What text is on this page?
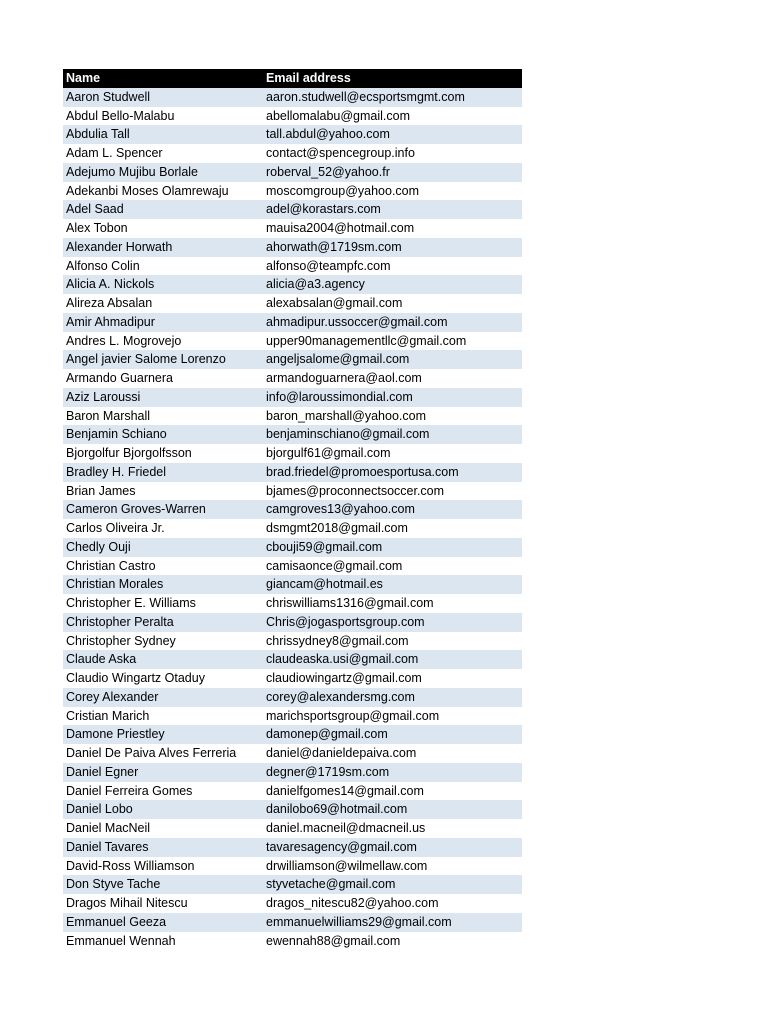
Name	Email address
Aaron Studwell	aaron.studwell@ecsportsmgmt.com
Abdul Bello-Malabu	abellomalabu@gmail.com
Abdulia Tall	tall.abdul@yahoo.com
Adam L. Spencer	contact@spencegroup.info
Adejumo Mujibu Borlale	roberval_52@yahoo.fr
Adekanbi Moses Olamrewaju	moscomgroup@yahoo.com
Adel Saad	adel@korastars.com
Alex Tobon	mauisa2004@hotmail.com
Alexander Horwath	ahorwath@1719sm.com
Alfonso Colin	alfonso@teampfc.com
Alicia A. Nickols	alicia@a3.agency
Alireza Absalan	alexabsalan@gmail.com
Amir Ahmadipur	ahmadipur.ussoccer@gmail.com
Andres L. Mogrovejo	upper90managementllc@gmail.com
Angel javier Salome Lorenzo	angeljsalome@gmail.com
Armando Guarnera	armandoguarnera@aol.com
Aziz Laroussi	info@laroussimondial.com
Baron Marshall	baron_marshall@yahoo.com
Benjamin Schiano	benjaminschiano@gmail.com
Bjorgolfur Bjorgolfsson	bjorgulf61@gmail.com
Bradley H. Friedel	brad.friedel@promoesportusa.com
Brian James	bjames@proconnectsoccer.com
Cameron Groves-Warren	camgroves13@yahoo.com
Carlos Oliveira Jr.	dsmgmt2018@gmail.com
Chedly Ouji	cbouji59@gmail.com
Christian Castro	camisaonce@gmail.com
Christian Morales	giancam@hotmail.es
Christopher E. Williams	chriswilliams1316@gmail.com
Christopher Peralta	Chris@jogasportsgroup.com
Christopher Sydney	chrissydney8@gmail.com
Claude Aska	claudeaska.usi@gmail.com
Claudio Wingartz Otaduy	claudiowingartz@gmail.com
Corey Alexander	corey@alexandersmg.com
Cristian Marich	marichsportsgroup@gmail.com
Damone Priestley	damonep@gmail.com
Daniel De Paiva Alves Ferreria	daniel@danieldepaiva.com
Daniel Egner	degner@1719sm.com
Daniel Ferreira Gomes	danielfgomes14@gmail.com
Daniel Lobo	danilobo69@hotmail.com
Daniel MacNeil	daniel.macneil@dmacneil.us
Daniel Tavares	tavaresagency@gmail.com
David-Ross Williamson	drwilliamson@wilmellaw.com
Don Styve Tache	styvetache@gmail.com
Dragos Mihail Nitescu	dragos_nitescu82@yahoo.com
Emmanuel Geeza	emmanuelwilliams29@gmail.com
Emmanuel Wennah	ewennah88@gmail.com
